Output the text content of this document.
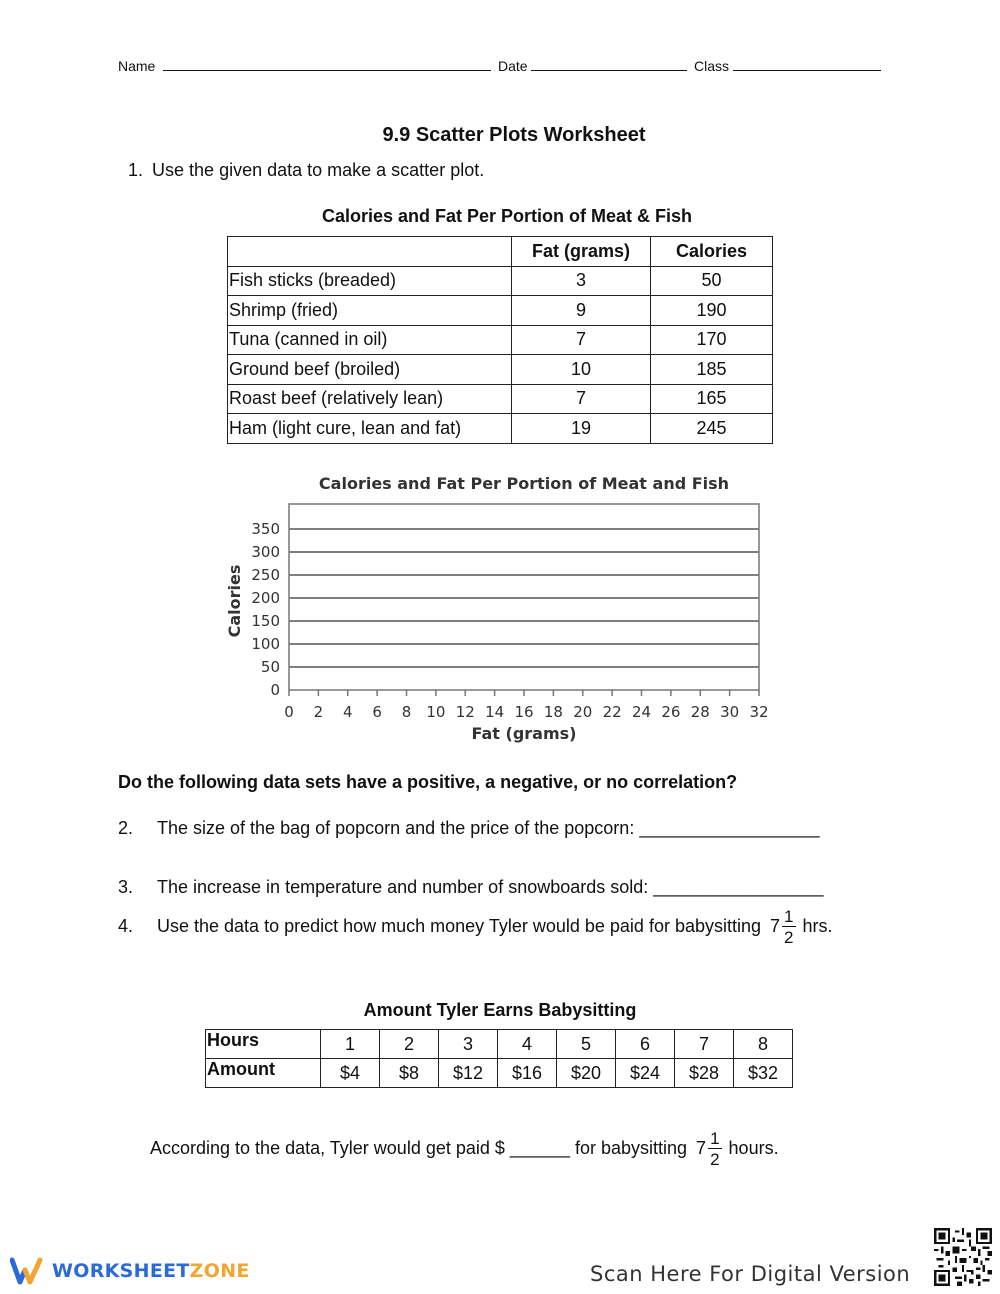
Name	Date	Class
9.9 Scatter Plots Worksheet
1. Use the given data to make a scatter plot.
Calories and Fat Per Portion of Meat & Fish
	Fat (grams)	Calories
Fish sticks (breaded)	3	50
Shrimp (fried)	9	190
Tuna (canned in oil)	7	170
Ground beef (broiled)	10	185
Roast beef (relatively lean)	7	165
Ham (light cure, lean and fat)	19	245
Calories and Fat Per Portion of Meat and Fish
0
50
100
150
200
250
300
350
0 2 4 6 8 10 12 14 16 18 20 22 24 26 28 30 32
Calories
Fat (grams)
Do the following data sets have a positive, a negative, or no correlation?
2. The size of the bag of popcorn and the price of the popcorn: __________________
3. The increase in temperature and number of snowboards sold: _________________
4. Use the data to predict how much money Tyler would be paid for babysitting $7 \frac{1}{2}$ hrs.
Amount Tyler Earns Babysitting
Hours	1	2	3	4	5	6	7	8
Amount	$4	$8	$12	$16	$20	$24	$28	$32
According to the data, Tyler would get paid $ ______ for babysitting $7 \frac{1}{2}$ hours.
WORKSHEETZONE	Scan Here For Digital Version
